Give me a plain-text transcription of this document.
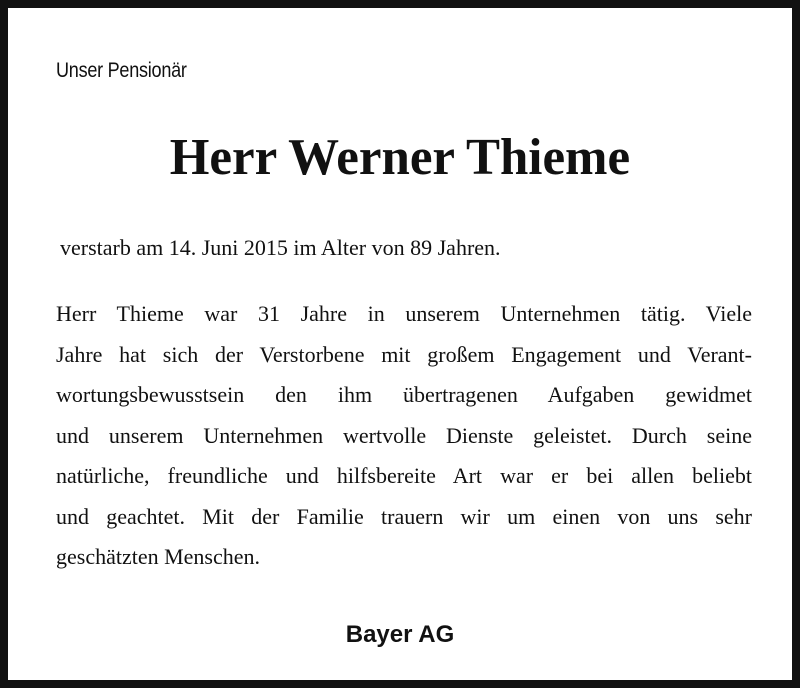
Unser Pensionär
Herr Werner Thieme
verstarb am 14. Juni 2015 im Alter von 89 Jahren.
Herr Thieme war 31 Jahre in unserem Unternehmen tätig. Viele
Jahre hat sich der Verstorbene mit großem Engagement und Verant-
wortungsbewusstsein den ihm übertragenen Aufgaben gewidmet
und unserem Unternehmen wertvolle Dienste geleistet. Durch seine
natürliche, freundliche und hilfsbereite Art war er bei allen beliebt
und geachtet. Mit der Familie trauern wir um einen von uns sehr
geschätzten Menschen.
Bayer AG
